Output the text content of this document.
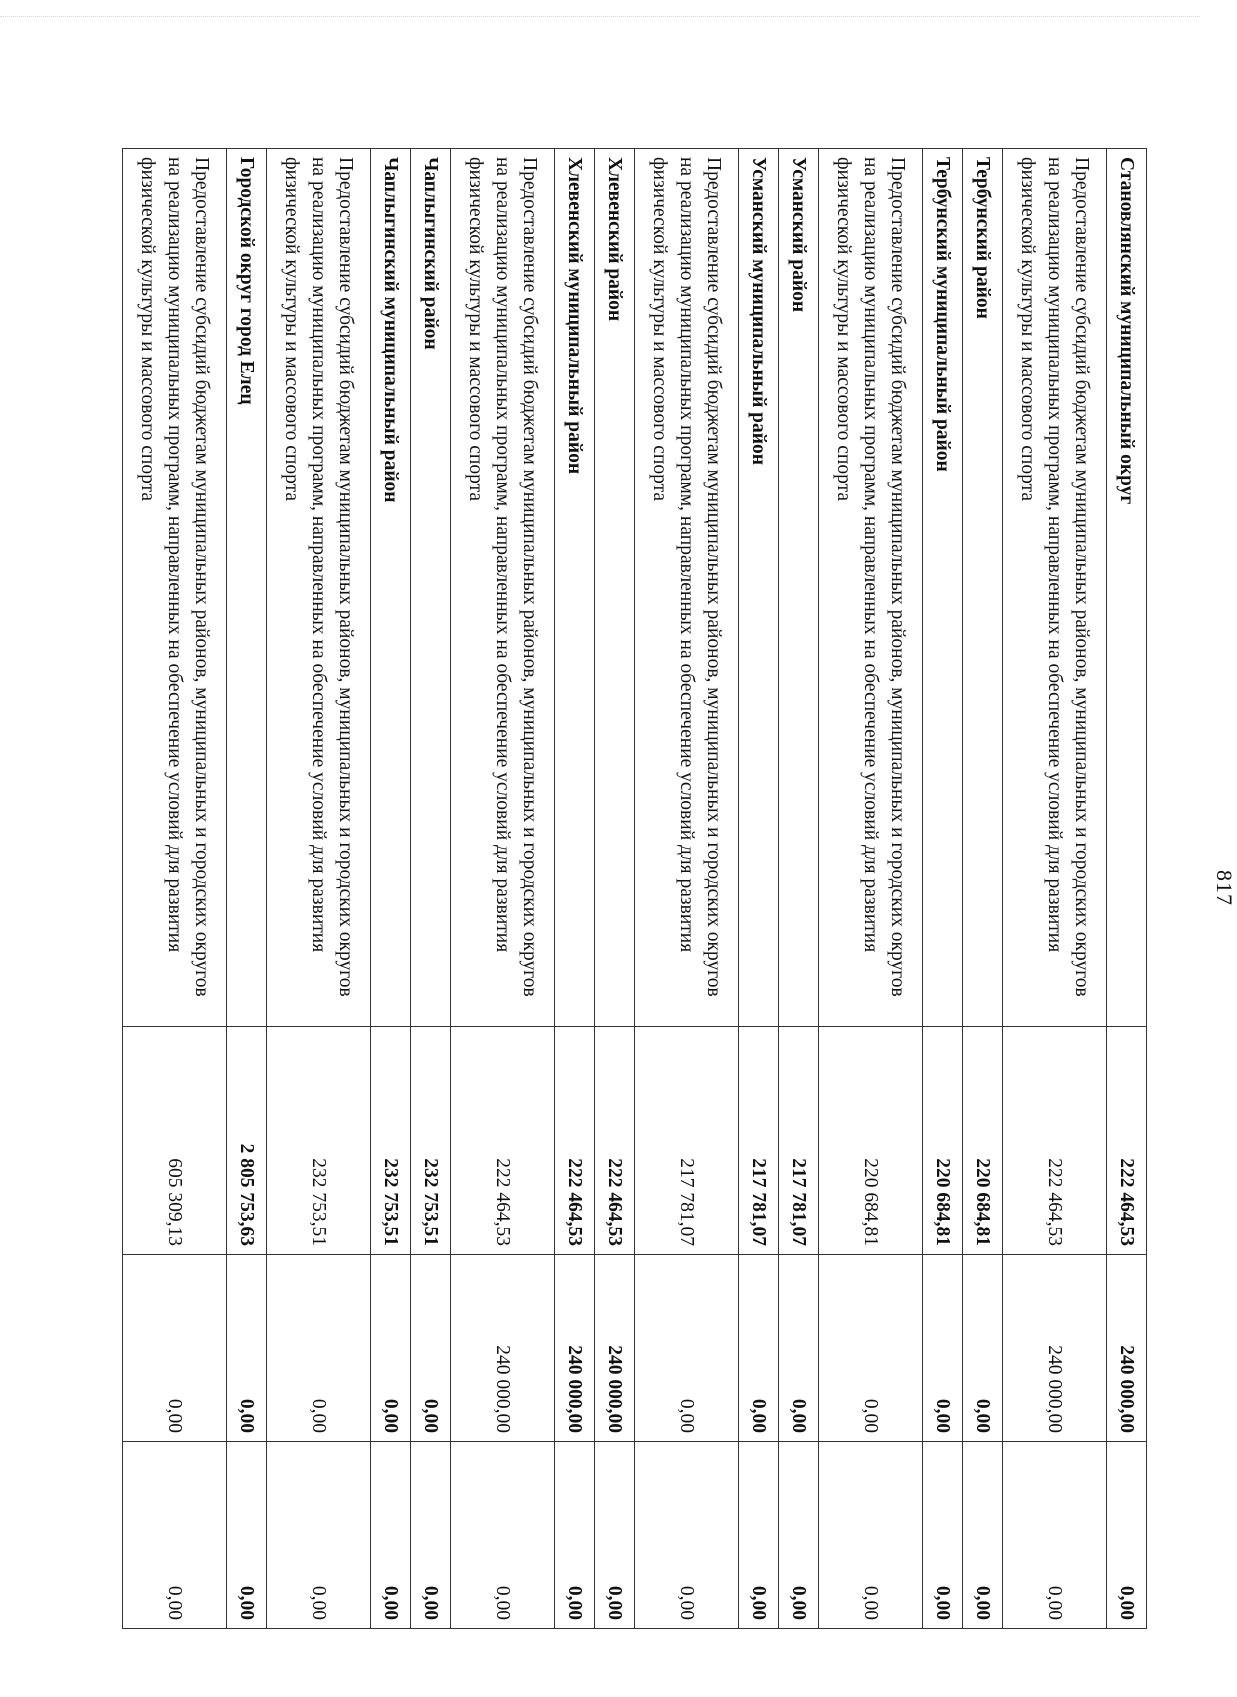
817
Становлянский муниципальный округ	222 464,53	240 000,00	0,00
Предоставление субсидий бюджетам муниципальных районов, муниципальных и городских округов на реализацию муниципальных программ, направленных на обеспечение условий для развития физической культуры и массового спорта	222 464,53	240 000,00	0,00
Тербунский район	220 684,81	0,00	0,00
Тербунский муниципальный район	220 684,81	0,00	0,00
Предоставление субсидий бюджетам муниципальных районов, муниципальных и городских округов на реализацию муниципальных программ, направленных на обеспечение условий для развития физической культуры и массового спорта	220 684,81	0,00	0,00
Усманский район	217 781,07	0,00	0,00
Усманский муниципальный район	217 781,07	0,00	0,00
Предоставление субсидий бюджетам муниципальных районов, муниципальных и городских округов на реализацию муниципальных программ, направленных на обеспечение условий для развития физической культуры и массового спорта	217 781,07	0,00	0,00
Хлевенский район	222 464,53	240 000,00	0,00
Хлевенский муниципальный район	222 464,53	240 000,00	0,00
Предоставление субсидий бюджетам муниципальных районов, муниципальных и городских округов на реализацию муниципальных программ, направленных на обеспечение условий для развития физической культуры и массового спорта	222 464,53	240 000,00	0,00
Чаплыгинский район	232 753,51	0,00	0,00
Чаплыгинский муниципальный район	232 753,51	0,00	0,00
Предоставление субсидий бюджетам муниципальных районов, муниципальных и городских округов на реализацию муниципальных программ, направленных на обеспечение условий для развития физической культуры и массового спорта	232 753,51	0,00	0,00
Городской округ город Елец	2 805 753,63	0,00	0,00
Предоставление субсидий бюджетам муниципальных районов, муниципальных и городских округов на реализацию муниципальных программ, направленных на обеспечение условий для развития физической культуры и массового спорта	605 309,13	0,00	0,00
